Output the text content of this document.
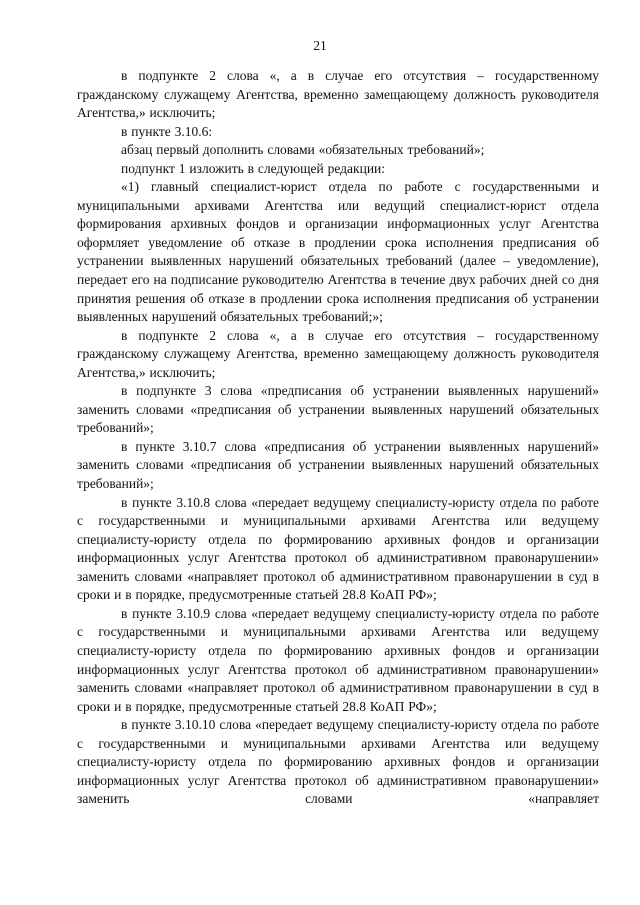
21

в подпункте 2 слова «, а в случае его отсутствия – государственному гражданскому служащему Агентства, временно замещающему должность руководителя Агентства,» исключить;

в пункте 3.10.6:

абзац первый дополнить словами «обязательных требований»;

подпункт 1 изложить в следующей редакции:

«1) главный специалист-юрист отдела по работе с государственными и муниципальными архивами Агентства или ведущий специалист-юрист отдела формирования архивных фондов и организации информационных услуг Агентства оформляет уведомление об отказе в продлении срока исполнения предписания об устранении выявленных нарушений обязательных требований (далее – уведомление), передает его на подписание руководителю Агентства в течение двух рабочих дней со дня принятия решения об отказе в продлении срока исполнения предписания об устранении выявленных нарушений обязательных требований;»;

в подпункте 2 слова «, а в случае его отсутствия – государственному гражданскому служащему Агентства, временно замещающему должность руководителя Агентства,» исключить;

в подпункте 3 слова «предписания об устранении выявленных нарушений» заменить словами «предписания об устранении выявленных нарушений обязательных требований»;

в пункте 3.10.7 слова «предписания об устранении выявленных нарушений» заменить словами «предписания об устранении выявленных нарушений обязательных требований»;

в пункте 3.10.8 слова «передает ведущему специалисту-юристу отдела по работе с государственными и муниципальными архивами Агентства или ведущему специалисту-юристу отдела по формированию архивных фондов и организации информационных услуг Агентства протокол об административном правонарушении» заменить словами «направляет протокол об административном правонарушении в суд в сроки и в порядке, предусмотренные статьей 28.8 КоАП РФ»;

в пункте 3.10.9 слова «передает ведущему специалисту-юристу отдела по работе с государственными и муниципальными архивами Агентства или ведущему специалисту-юристу отдела по формированию архивных фондов и организации информационных услуг Агентства протокол об административном правонарушении» заменить словами «направляет протокол об административном правонарушении в суд в сроки и в порядке, предусмотренные статьей 28.8 КоАП РФ»;

в пункте 3.10.10 слова «передает ведущему специалисту-юристу отдела по работе с государственными и муниципальными архивами Агентства или ведущему специалисту-юристу отдела по формированию архивных фондов и организации информационных услуг Агентства протокол об административном правонарушении» заменить словами «направляет
